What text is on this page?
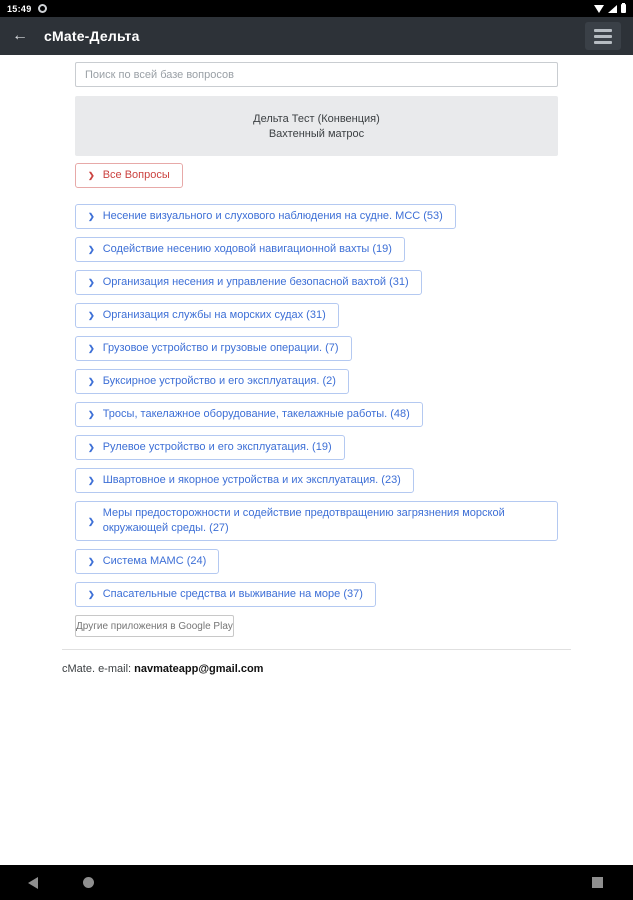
15:49
←	cMate-Дельта
Поиск по всей базе вопросов
Дельта Тест (Конвенция)
Вахтенный матрос
❯ Все Вопросы
❯ Несение визуального и слухового наблюдения на судне. МСС (53)
❯ Содействие несению ходовой навигационной вахты (19)
❯ Организация несения и управление безопасной вахтой (31)
❯ Организация службы на морских судах (31)
❯ Грузовое устройство и грузовые операции. (7)
❯ Буксирное устройство и его эксплуатация. (2)
❯ Тросы, такелажное оборудование, такелажные работы. (48)
❯ Рулевое устройство и его эксплуатация. (19)
❯ Швартовное и якорное устройства и их эксплуатация. (23)
❯
Меры предосторожности и содействие предотвращению загрязнения морской окружающей среды. (27)
❯ Система МАМС (24)
❯ Спасательные средства и выживание на море (37)
Другие приложения в Google Play
cMate. e-mail: navmateapp@gmail.com
